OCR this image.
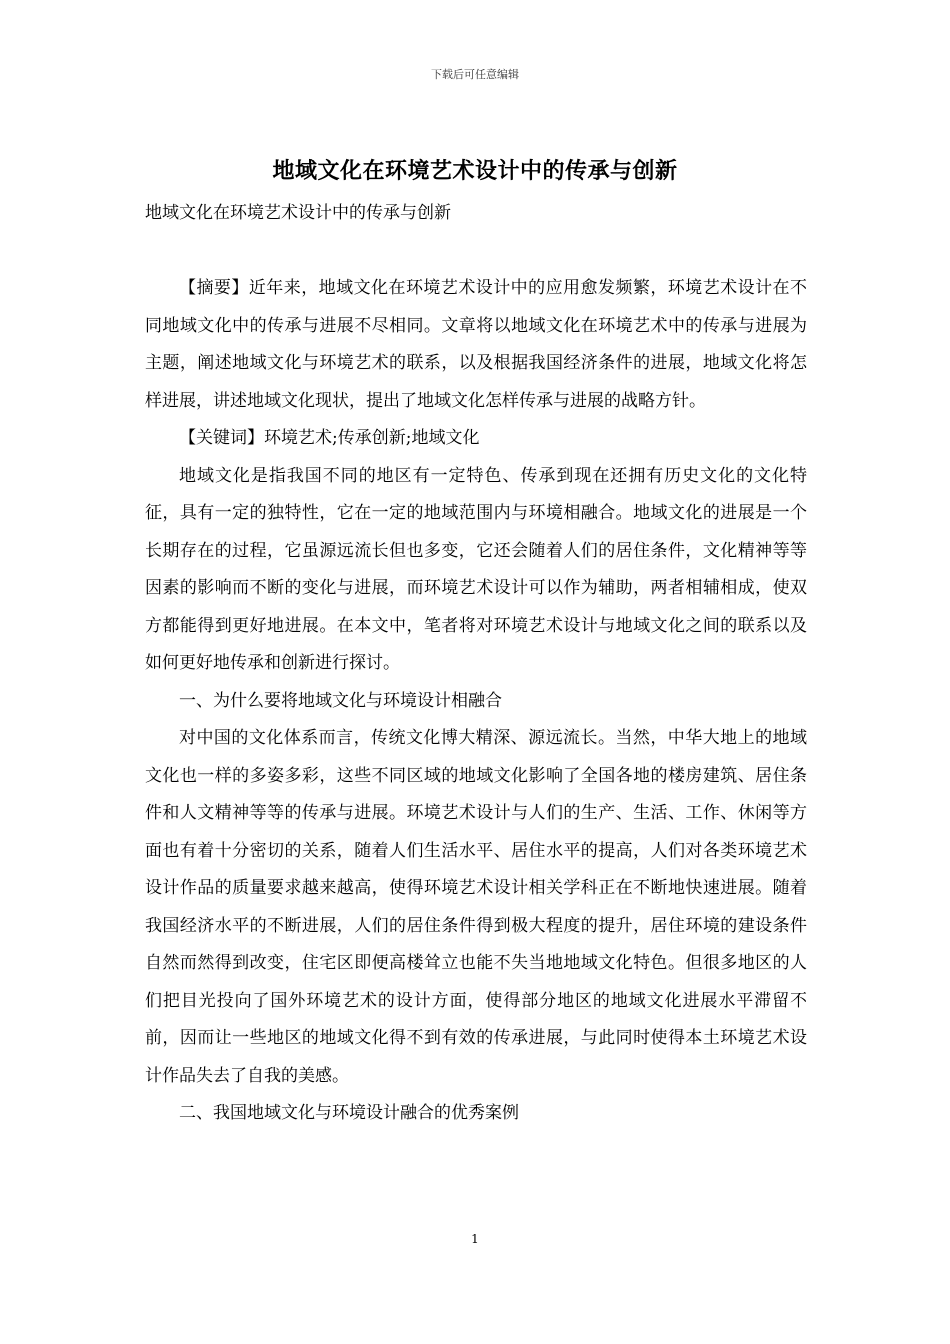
下载后可任意编辑
地域文化在环境艺术设计中的传承与创新
地域文化在环境艺术设计中的传承与创新

【摘要】近年来，地域文化在环境艺术设计中的应用愈发频繁，环境艺术设计在不同地域文化中的传承与进展不尽相同。文章将以地域文化在环境艺术中的传承与进展为主题，阐述地域文化与环境艺术的联系，以及根据我国经济条件的进展，地域文化将怎样进展，讲述地域文化现状，提出了地域文化怎样传承与进展的战略方针。

【关键词】环境艺术;传承创新;地域文化

地域文化是指我国不同的地区有一定特色、传承到现在还拥有历史文化的文化特征，具有一定的独特性，它在一定的地域范围内与环境相融合。地域文化的进展是一个长期存在的过程，它虽源远流长但也多变，它还会随着人们的居住条件，文化精神等等因素的影响而不断的变化与进展，而环境艺术设计可以作为辅助，两者相辅相成，使双方都能得到更好地进展。在本文中，笔者将对环境艺术设计与地域文化之间的联系以及如何更好地传承和创新进行探讨。

一、为什么要将地域文化与环境设计相融合

对中国的文化体系而言，传统文化博大精深、源远流长。当然，中华大地上的地域文化也一样的多姿多彩，这些不同区域的地域文化影响了全国各地的楼房建筑、居住条件和人文精神等等的传承与进展。环境艺术设计与人们的生产、生活、工作、休闲等方面也有着十分密切的关系，随着人们生活水平、居住水平的提高，人们对各类环境艺术设计作品的质量要求越来越高，使得环境艺术设计相关学科正在不断地快速进展。随着我国经济水平的不断进展，人们的居住条件得到极大程度的提升，居住环境的建设条件自然而然得到改变，住宅区即便高楼耸立也能不失当地地域文化特色。但很多地区的人们把目光投向了国外环境艺术的设计方面，使得部分地区的地域文化进展水平滞留不前，因而让一些地区的地域文化得不到有效的传承进展，与此同时使得本土环境艺术设计作品失去了自我的美感。

二、我国地域文化与环境设计融合的优秀案例

1
